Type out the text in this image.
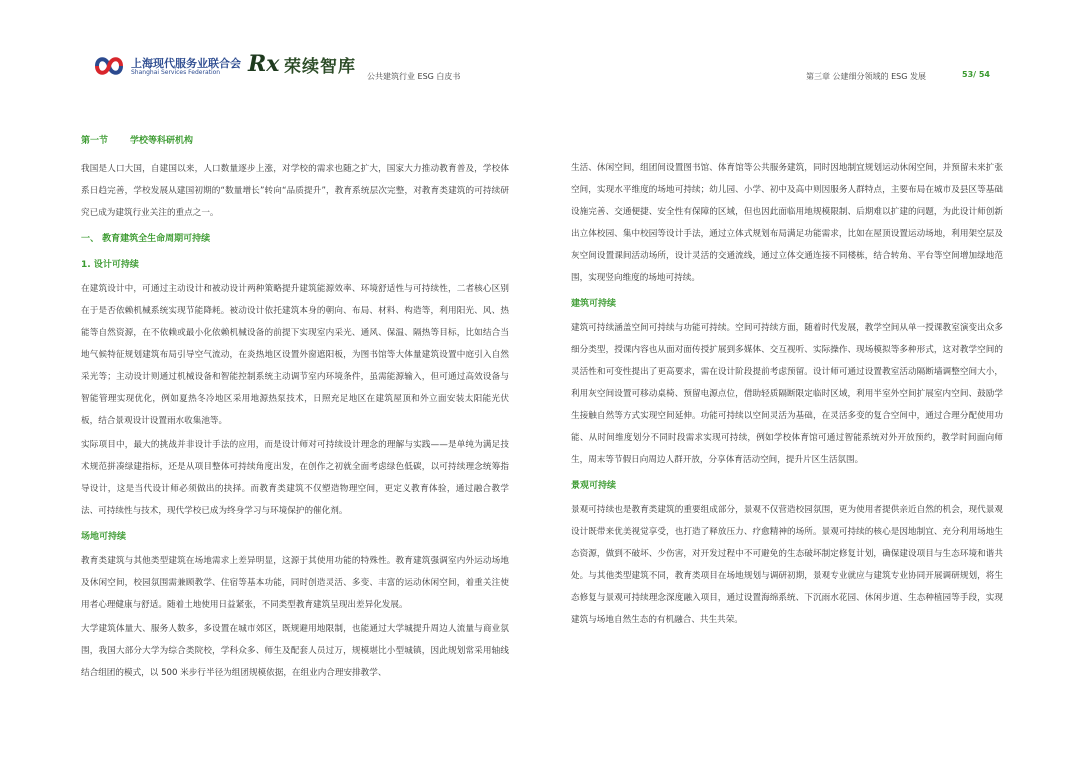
上海现代服务业联合会
Shanghai Services Federation Rx 荣续智库 公共建筑行业 ESG 白皮书	第三章 公建细分领域的 ESG 发展	53/ 54
第一节 学校等科研机构

我国是人口大国，自建国以来，人口数量逐步上涨，对学校的需求也随之扩大，国家大力推动教育普及，学校体系日趋完善，学校发展从建国初期的“数量增长”转向“品质提升”，教育系统层次完整，对教育类建筑的可持续研究已成为建筑行业关注的重点之一。

一、 教育建筑全生命周期可持续
1. 设计可持续

在建筑设计中，可通过主动设计和被动设计两种策略提升建筑能源效率、环境舒适性与可持续性，二者核心区别在于是否依赖机械系统实现节能降耗。被动设计依托建筑本身的朝向、布局、材料、构造等，利用阳光、风、热能等自然资源，在不依赖或最小化依赖机械设备的前提下实现室内采光、通风、保温、隔热等目标，比如结合当地气候特征规划建筑布局引导空气流动，在炎热地区设置外窗遮阳板，为图书馆等大体量建筑设置中庭引入自然采光等；主动设计则通过机械设备和智能控制系统主动调节室内环境条件，虽需能源输入，但可通过高效设备与智能管理实现优化，例如夏热冬冷地区采用地源热泵技术，日照充足地区在建筑屋顶和外立面安装太阳能光伏板，结合景观设计设置雨水收集池等。

实际项目中，最大的挑战并非设计手法的应用，而是设计师对可持续设计理念的理解与实践——是单纯为满足技术规范拼凑绿建指标，还是从项目整体可持续角度出发，在创作之初就全面考虑绿色低碳，以可持续理念统筹指导设计，这是当代设计师必须做出的抉择。而教育类建筑不仅塑造物理空间，更定义教育体验，通过融合教学法、可持续性与技术，现代学校已成为终身学习与环境保护的催化剂。

场地可持续

教育类建筑与其他类型建筑在场地需求上差异明显，这源于其使用功能的特殊性。教育建筑强调室内外运动场地及休闲空间，校园氛围需兼顾教学、住宿等基本功能，同时创造灵活、多变、丰富的运动休闲空间，着重关注使用者心理健康与舒适。随着土地使用日益紧张，不同类型教育建筑呈现出差异化发展。

大学建筑体量大、服务人数多，多设置在城市郊区，既规避用地限制，也能通过大学城提升周边人流量与商业氛围，我国大部分大学为综合类院校，学科众多、师生及配套人员过万，规模堪比小型城镇，因此规划常采用轴线结合组团的模式，以 500 米步行半径为组团规模依据，在组业内合理安排教学、

生活、休闲空间，组团间设置图书馆、体育馆等公共服务建筑，同时因地制宜规划运动休闲空间，并预留未来扩张空间，实现水平维度的场地可持续；幼儿园、小学、初中及高中则因服务人群特点，主要布局在城市及县区等基础设施完善、交通便捷、安全性有保障的区域，但也因此面临用地规模限制、后期难以扩建的问题，为此设计师创新出立体校园、集中校园等设计手法，通过立体式规划布局满足功能需求，比如在屋顶设置运动场地，利用架空层及灰空间设置课间活动场所，设计灵活的交通流线，通过立体交通连接不同楼栋，结合转角、平台等空间增加绿地范围，实现竖向维度的场地可持续。

建筑可持续

建筑可持续涵盖空间可持续与功能可持续。空间可持续方面，随着时代发展，教学空间从单一授课教室演变出众多细分类型，授课内容也从面对面传授扩展到多媒体、交互视听、实际操作、现场模拟等多种形式，这对教学空间的灵活性和可变性提出了更高要求，需在设计阶段提前考虑预留。设计师可通过设置教室活动隔断墙调整空间大小，利用灰空间设置可移动桌椅、预留电源点位，借助轻质隔断限定临时区域，利用半室外空间扩展室内空间、鼓励学生接触自然等方式实现空间延伸。功能可持续以空间灵活为基础，在灵活多变的复合空间中，通过合理分配使用功能、从时间维度划分不同时段需求实现可持续，例如学校体育馆可通过智能系统对外开放预约，教学时间面向师生，周末等节假日向周边人群开放，分享体育活动空间，提升片区生活氛围。

景观可持续

景观可持续也是教育类建筑的重要组成部分，景观不仅营造校园氛围，更为使用者提供亲近自然的机会，现代景观设计既带来优美视觉享受，也打造了释放压力、疗愈精神的场所。景观可持续的核心是因地制宜、充分利用场地生态资源，做到不破坏、少伤害，对开发过程中不可避免的生态破坏制定修复计划，确保建设项目与生态环境和谐共处。与其他类型建筑不同，教育类项目在场地规划与调研初期，景观专业就应与建筑专业协同开展调研规划，将生态修复与景观可持续理念深度融入项目，通过设置海绵系统、下沉雨水花园、休闲步道、生态种植园等手段，实现建筑与场地自然生态的有机融合、共生共荣。
